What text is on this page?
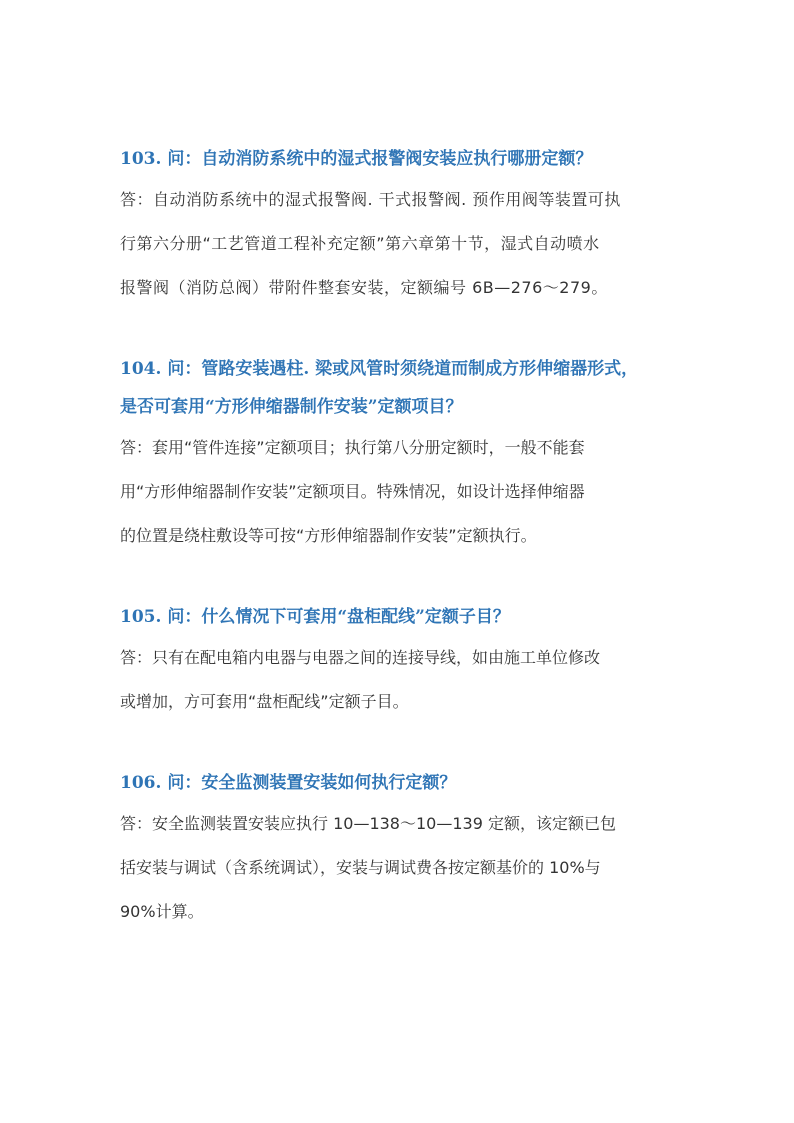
103. 问：自动消防系统中的湿式报警阀安装应执行哪册定额？

答：自动消防系统中的湿式报警阀. 干式报警阀. 预作用阀等装置可执

行第六分册“工艺管道工程补充定额”第六章第十节，湿式自动喷水

报警阀（消防总阀）带附件整套安装，定额编号 6B—276～279。

104. 问：管路安装遇柱. 梁或风管时须绕道而制成方形伸缩器形式，

是否可套用“方形伸缩器制作安装”定额项目？

答：套用“管件连接”定额项目；执行第八分册定额时，一般不能套

用“方形伸缩器制作安装”定额项目。特殊情况，如设计选择伸缩器

的位置是绕柱敷设等可按“方形伸缩器制作安装”定额执行。

105. 问：什么情况下可套用“盘柜配线”定额子目？

答：只有在配电箱内电器与电器之间的连接导线，如由施工单位修改

或增加，方可套用“盘柜配线”定额子目。

106. 问：安全监测装置安装如何执行定额？

答：安全监测装置安装应执行 10—138～10—139 定额，该定额已包

括安装与调试（含系统调试），安装与调试费各按定额基价的 10%与

90%计算。
